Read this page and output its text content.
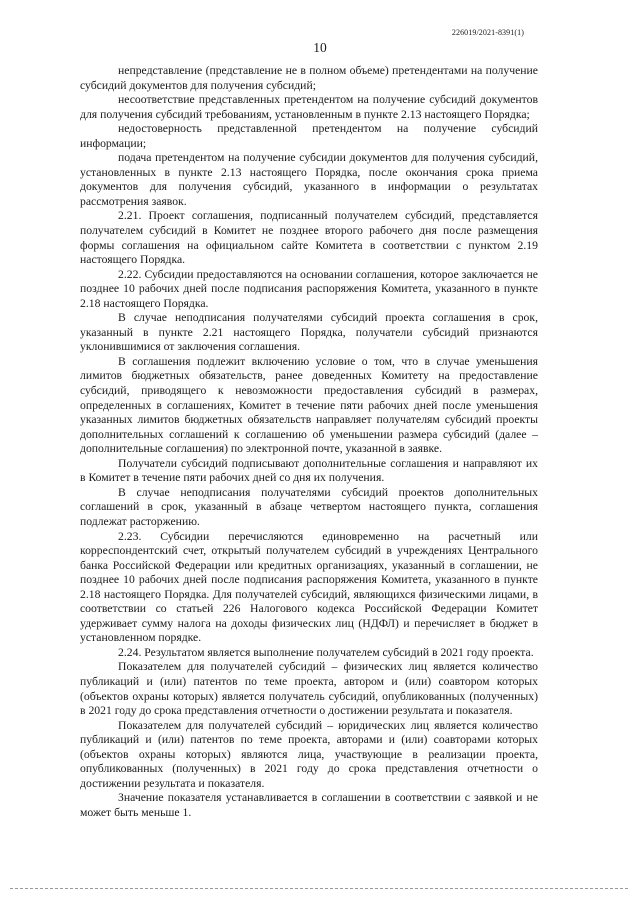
226019/2021-8391(1)
10

непредставление (представление не в полном объеме) претендентами на получение субсидий документов для получения субсидий;

несоответствие представленных претендентом на получение субсидий документов для получения субсидий требованиям, установленным в пункте 2.13 настоящего Порядка;

недостоверность представленной претендентом на получение субсидий информации;

подача претендентом на получение субсидии документов для получения субсидий, установленных в пункте 2.13 настоящего Порядка, после окончания срока приема документов для получения субсидий, указанного в информации о результатах рассмотрения заявок.

2.21. Проект соглашения, подписанный получателем субсидий, представляется получателем субсидий в Комитет не позднее второго рабочего дня после размещения формы соглашения на официальном сайте Комитета в соответствии с пунктом 2.19 настоящего Порядка.

2.22. Субсидии предоставляются на основании соглашения, которое заключается не позднее 10 рабочих дней после подписания распоряжения Комитета, указанного в пункте 2.18 настоящего Порядка.

В случае неподписания получателями субсидий проекта соглашения в срок, указанный в пункте 2.21 настоящего Порядка, получатели субсидий признаются уклонившимися от заключения соглашения.

В соглашения подлежит включению условие о том, что в случае уменьшения лимитов бюджетных обязательств, ранее доведенных Комитету на предоставление субсидий, приводящего к невозможности предоставления субсидий в размерах, определенных в соглашениях, Комитет в течение пяти рабочих дней после уменьшения указанных лимитов бюджетных обязательств направляет получателям субсидий проекты дополнительных соглашений к соглашению об уменьшении размера субсидий (далее – дополнительные соглашения) по электронной почте, указанной в заявке.

Получатели субсидий подписывают дополнительные соглашения и направляют их в Комитет в течение пяти рабочих дней со дня их получения.

В случае неподписания получателями субсидий проектов дополнительных соглашений в срок, указанный в абзаце четвертом настоящего пункта, соглашения подлежат расторжению.

2.23. Субсидии перечисляются единовременно на расчетный или корреспондентский счет, открытый получателем субсидий в учреждениях Центрального банка Российской Федерации или кредитных организациях, указанный в соглашении, не позднее 10 рабочих дней после подписания распоряжения Комитета, указанного в пункте 2.18 настоящего Порядка. Для получателей субсидий, являющихся физическими лицами, в соответствии со статьей 226 Налогового кодекса Российской Федерации Комитет удерживает сумму налога на доходы физических лиц (НДФЛ) и перечисляет в бюджет в установленном порядке.

2.24. Результатом является выполнение получателем субсидий в 2021 году проекта.

Показателем для получателей субсидий – физических лиц является количество публикаций и (или) патентов по теме проекта, автором и (или) соавтором которых (объектов охраны которых) является получатель субсидий, опубликованных (полученных) в 2021 году до срока представления отчетности о достижении результата и показателя.

Показателем для получателей субсидий – юридических лиц является количество публикаций и (или) патентов по теме проекта, авторами и (или) соавторами которых (объектов охраны которых) являются лица, участвующие в реализации проекта, опубликованных (полученных) в 2021 году до срока представления отчетности о достижении результата и показателя.

Значение показателя устанавливается в соглашении в соответствии с заявкой и не может быть меньше 1.
